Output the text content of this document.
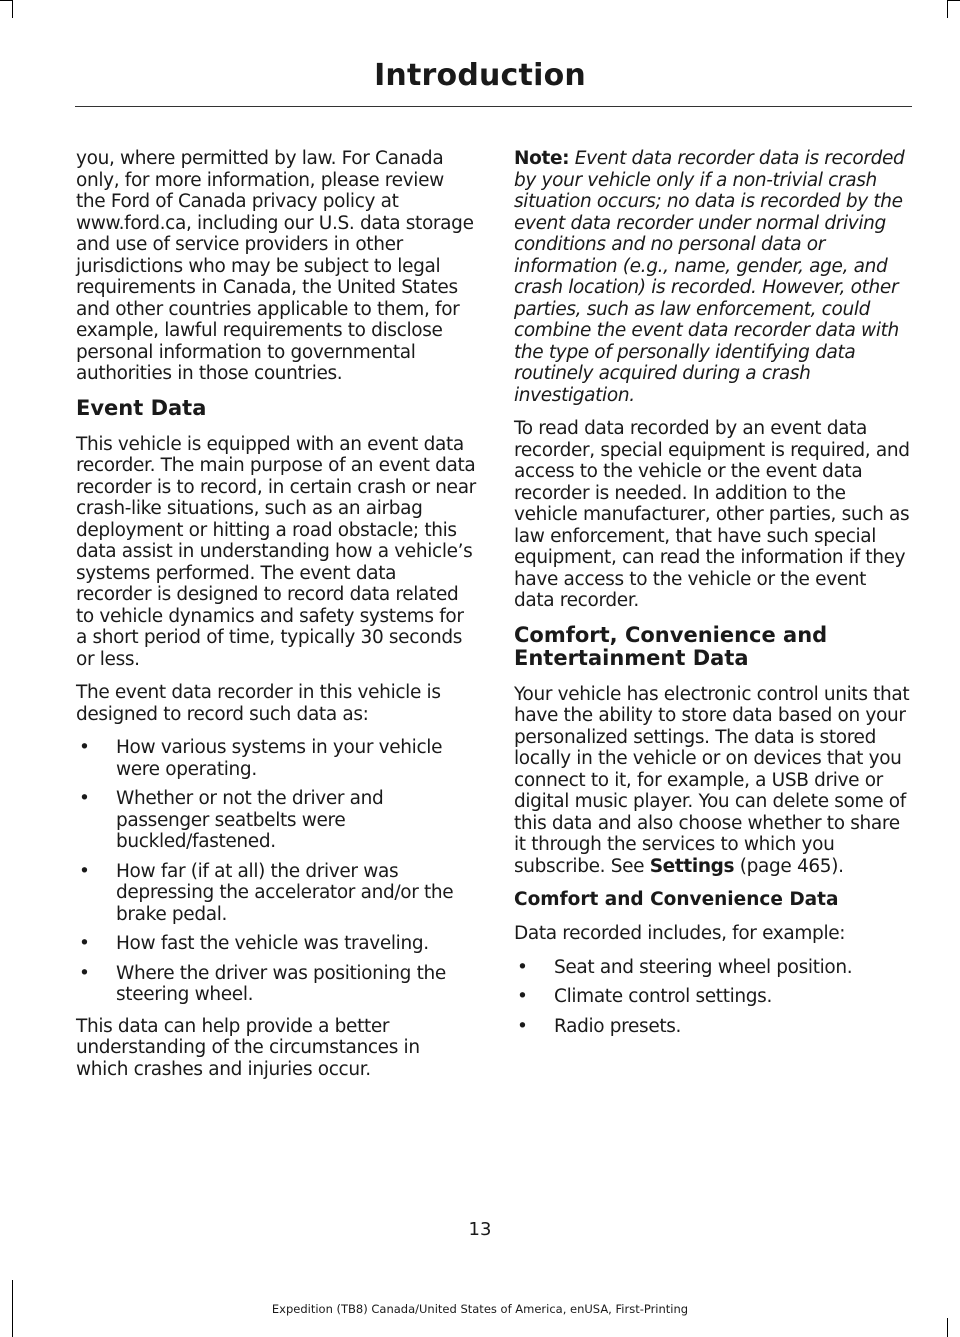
Introduction

you, where permitted by law. For Canada only, for more information, please review the Ford of Canada privacy policy at www.ford.ca, including our U.S. data storage and use of service providers in other jurisdictions who may be subject to legal requirements in Canada, the United States and other countries applicable to them, for example, lawful requirements to disclose personal information to governmental authorities in those countries.

Event Data

This vehicle is equipped with an event data recorder. The main purpose of an event data recorder is to record, in certain crash or near crash-like situations, such as an airbag deployment or hitting a road obstacle; this data assist in understanding how a vehicle’s systems performed. The event data recorder is designed to record data related to vehicle dynamics and safety systems for a short period of time, typically 30 seconds or less.

The event data recorder in this vehicle is designed to record such data as:

• How various systems in your vehicle were operating.
• Whether or not the driver and passenger seatbelts were buckled/fastened.
• How far (if at all) the driver was depressing the accelerator and/or the brake pedal.
• How fast the vehicle was traveling.
• Where the driver was positioning the steering wheel.

This data can help provide a better understanding of the circumstances in which crashes and injuries occur.

Note: Event data recorder data is recorded by your vehicle only if a non-trivial crash situation occurs; no data is recorded by the event data recorder under normal driving conditions and no personal data or information (e.g., name, gender, age, and crash location) is recorded. However, other parties, such as law enforcement, could combine the event data recorder data with the type of personally identifying data routinely acquired during a crash investigation.

To read data recorded by an event data recorder, special equipment is required, and access to the vehicle or the event data recorder is needed. In addition to the vehicle manufacturer, other parties, such as law enforcement, that have such special equipment, can read the information if they have access to the vehicle or the event data recorder.

Comfort, Convenience and Entertainment Data

Your vehicle has electronic control units that have the ability to store data based on your personalized settings. The data is stored locally in the vehicle or on devices that you connect to it, for example, a USB drive or digital music player. You can delete some of this data and also choose whether to share it through the services to which you subscribe. See Settings (page 465).

Comfort and Convenience Data

Data recorded includes, for example:

• Seat and steering wheel position.
• Climate control settings.
• Radio presets.
13
Expedition (TB8) Canada/United States of America, enUSA, First-Printing
